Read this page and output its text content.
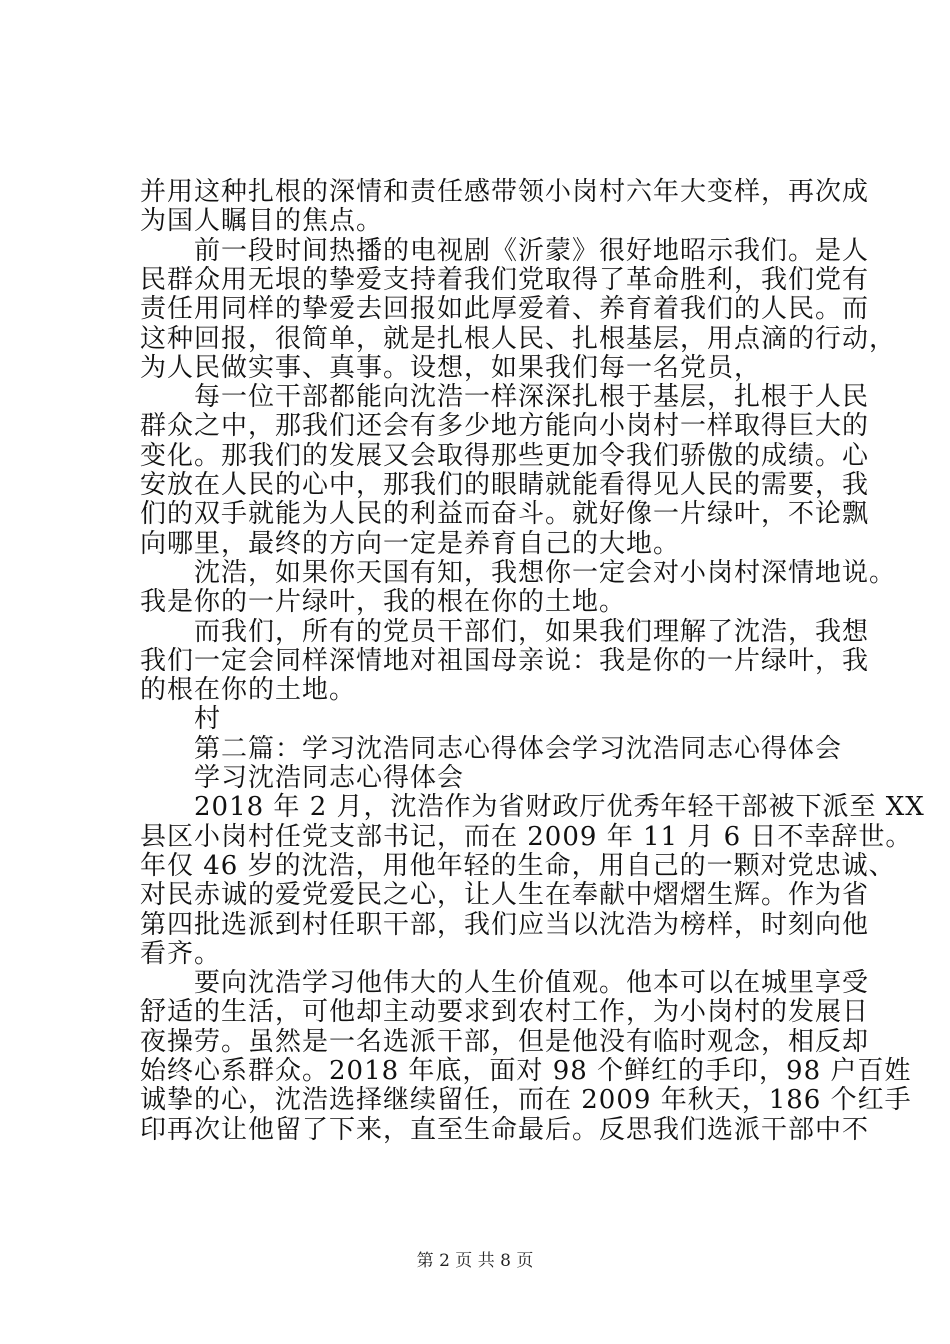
并用这种扎根的深情和责任感带领小岗村六年大变样，再次成
为国人瞩目的焦点。
　　前一段时间热播的电视剧《沂蒙》很好地昭示我们。是人
民群众用无垠的挚爱支持着我们党取得了革命胜利，我们党有
责任用同样的挚爱去回报如此厚爱着、养育着我们的人民。而
这种回报，很简单，就是扎根人民、扎根基层，用点滴的行动，
为人民做实事、真事。设想，如果我们每一名党员，
　　每一位干部都能向沈浩一样深深扎根于基层，扎根于人民
群众之中，那我们还会有多少地方能向小岗村一样取得巨大的
变化。那我们的发展又会取得那些更加令我们骄傲的成绩。心
安放在人民的心中，那我们的眼睛就能看得见人民的需要，我
们的双手就能为人民的利益而奋斗。就好像一片绿叶，不论飘
向哪里，最终的方向一定是养育自己的大地。
　　沈浩，如果你天国有知，我想你一定会对小岗村深情地说。
我是你的一片绿叶，我的根在你的土地。
　　而我们，所有的党员干部们，如果我们理解了沈浩，我想
我们一定会同样深情地对祖国母亲说：我是你的一片绿叶，我
的根在你的土地。
　　村
　　第二篇：学习沈浩同志心得体会学习沈浩同志心得体会
　　学习沈浩同志心得体会
　　2018 年 2 月，沈浩作为省财政厅优秀年轻干部被下派至 XX
县区小岗村任党支部书记，而在 2009 年 11 月 6 日不幸辞世。
年仅 46 岁的沈浩，用他年轻的生命，用自己的一颗对党忠诚、
对民赤诚的爱党爱民之心，让人生在奉献中熠熠生辉。作为省
第四批选派到村任职干部，我们应当以沈浩为榜样，时刻向他
看齐。
　　要向沈浩学习他伟大的人生价值观。他本可以在城里享受
舒适的生活，可他却主动要求到农村工作，为小岗村的发展日
夜操劳。虽然是一名选派干部，但是他没有临时观念，相反却
始终心系群众。2018 年底，面对 98 个鲜红的手印，98 户百姓
诚挚的心，沈浩选择继续留任，而在 2009 年秋天，186 个红手
印再次让他留了下来，直至生命最后。反思我们选派干部中不
第 2 页 共 8 页
